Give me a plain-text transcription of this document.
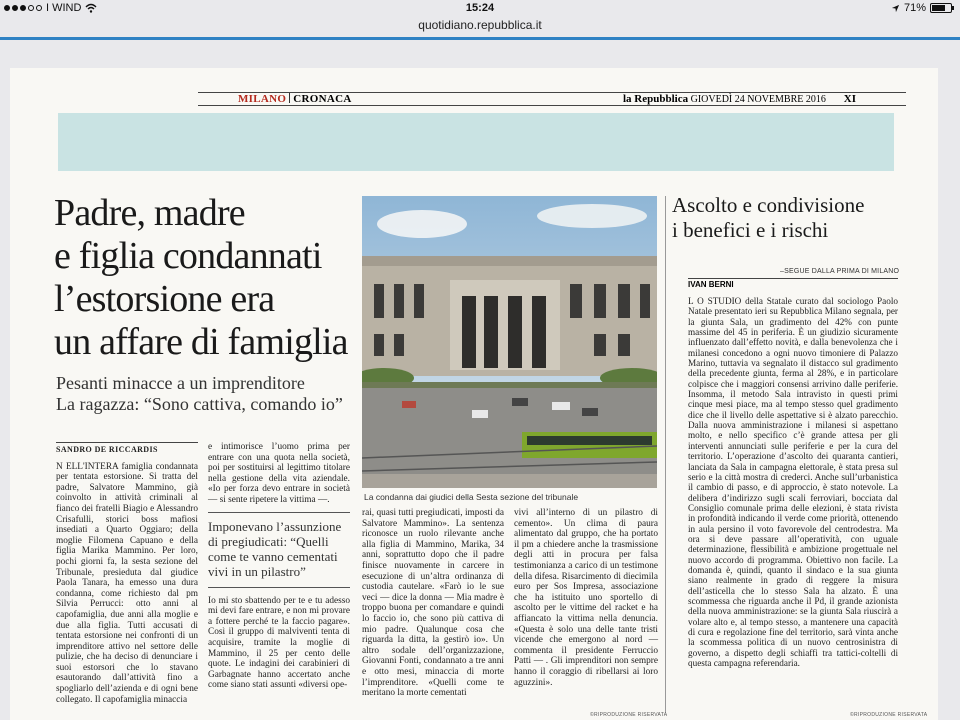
I WIND	15:24	71%
quotidiano.repubblica.it
MILANO CRONACA	la Repubblica GIOVEDÌ 24 NOVEMBRE 2016 XI
Padre, madre
e figlia condannati
l’estorsione era
un affare di famiglia
Pesanti minacce a un imprenditore
La ragazza: “Sono cattiva, comando io”
SANDRO DE RICCARDIS
N ELL'INTERA famiglia condannata per tentata estorsione. Si tratta del padre, Salvatore Mammino, già coinvolto in attività criminali al fianco dei fratelli Biagio e Alessandro Crisafulli, storici boss mafiosi insediati a Quarto Oggiaro; della moglie Filomena Capuano e della figlia Marika Mammino. Per loro, pochi giorni fa, la sesta sezione del Tribunale, presieduta dal giudice Paola Tanara, ha emesso una dura condanna, come richiesto dal pm Silvia Perrucci: otto anni al capofamiglia, due anni alla moglie e due alla figlia. Tutti accusati di tentata estorsione nei confronti di un imprenditore attivo nel settore delle pulizie, che ha deciso di denunciare i suoi estorsori che lo stavano esautorando dall’attività fino a spogliarlo dell’azienda e di ogni bene collegato. Il capofamiglia minaccia
e intimorisce l’uomo prima per entrare con una quota nella società, poi per sostituirsi al legittimo titolare nella gestione della vita aziendale. «Io per forza devo entrare in società — si sente ripetere la vittima —.
Imponevano l’assunzione di pregiudicati: “Quelli come te vanno cementati vivi in un pilastro”
Io mi sto sbattendo per te e tu adesso mi devi fare entrare, e non mi provare a fottere perché te la faccio pagare». Così il gruppo di malviventi tenta di acquisire, tramite la moglie di Mammino, il 25 per cento delle quote. Le indagini dei carabinieri di Garbagnate hanno accertato anche come siano stati assunti «diversi ope-
La condanna dai giudici della Sesta sezione del tribunale
rai, quasi tutti pregiudicati, imposti da Salvatore Mammino». La sentenza riconosce un ruolo rilevante anche alla figlia di Mammino, Marika, 34 anni, soprattutto dopo che il padre finisce nuovamente in carcere in esecuzione di un’altra ordinanza di custodia cautelare. «Farò io le sue veci — dice la donna — Mia madre è troppo buona per comandare e quindi lo faccio io, che sono più cattiva di mio padre. Qualunque cosa che riguarda la ditta, la gestirò io». Un altro sodale dell’organizzazione, Giovanni Fonti, condannato a tre anni e otto mesi, minaccia di morte l’imprenditore. «Quelli come te meritano la morte cementati
vivi all’interno di un pilastro di cemento». Un clima di paura alimentato dal gruppo, che ha portato il pm a chiedere anche la trasmissione degli atti in procura per falsa testimonianza a carico di un testimone della difesa. Risarcimento di diecimila euro per Sos Impresa, associazione che ha istituito uno sportello di ascolto per le vittime del racket e ha affiancato la vittima nella denuncia. «Questa è solo una delle tante tristi vicende che emergono al nord — commenta il presidente Ferruccio Patti — . Gli imprenditori non sempre hanno il coraggio di ribellarsi ai loro aguzzini».
©RIPRODUZIONE RISERVATA
Ascolto e condivisione
i benefici e i rischi
–SEGUE DALLA PRIMA DI MILANO
IVAN BERNI
L O STUDIO della Statale curato dal sociologo Paolo Natale presentato ieri su Repubblica Milano segnala, per la giunta Sala, un gradimento del 42% con punte massime del 45 in periferia. È un giudizio sicuramente influenzato dall’effetto novità, e dalla benevolenza che i milanesi concedono a ogni nuovo timoniere di Palazzo Marino, tuttavia va segnalato il distacco sul gradimento della precedente giunta, ferma al 28%, e in particolare colpisce che i maggiori consensi arrivino dalle periferie. Insomma, il metodo Sala intravisto in questi primi cinque mesi piace, ma al tempo stesso quel gradimento dice che il livello delle aspettative si è alzato parecchio. Dalla nuova amministrazione i milanesi si aspettano molto, e nello specifico c’è grande attesa per gli interventi annunciati sulle periferie e per la cura del territorio. L’operazione d’ascolto dei quaranta cantieri, lanciata da Sala in campagna elettorale, è stata presa sul serio e la città mostra di crederci. Anche sull’urbanistica il cambio di passo, e di approccio, è stato notevole. La delibera d’indirizzo sugli scali ferroviari, bocciata dal Consiglio comunale prima delle elezioni, è stata rivista in profondità indicando il verde come priorità, ottenendo in aula persino il voto favorevole del centrodestra. Ma ora si deve passare all’operatività, con uguale determinazione, flessibilità e ambizione progettuale nel nuovo accordo di programma. Obiettivo non facile. La domanda è, quindi, quanto il sindaco e la sua giunta siano realmente in grado di reggere la misura dell’asticella che lo stesso Sala ha alzato. È una scommessa che riguarda anche il Pd, il grande azionista della nuova amministrazione: se la giunta Sala riuscirà a volare alto e, al tempo stesso, a mantenere una capacità di cura e regolazione fine del territorio, sarà vinta anche la scommessa politica di un nuovo centrosinistra di governo, a dispetto degli schiaffi tra tattici-coltelli di questa campagna referendaria.
©RIPRODUZIONE RISERVATA
